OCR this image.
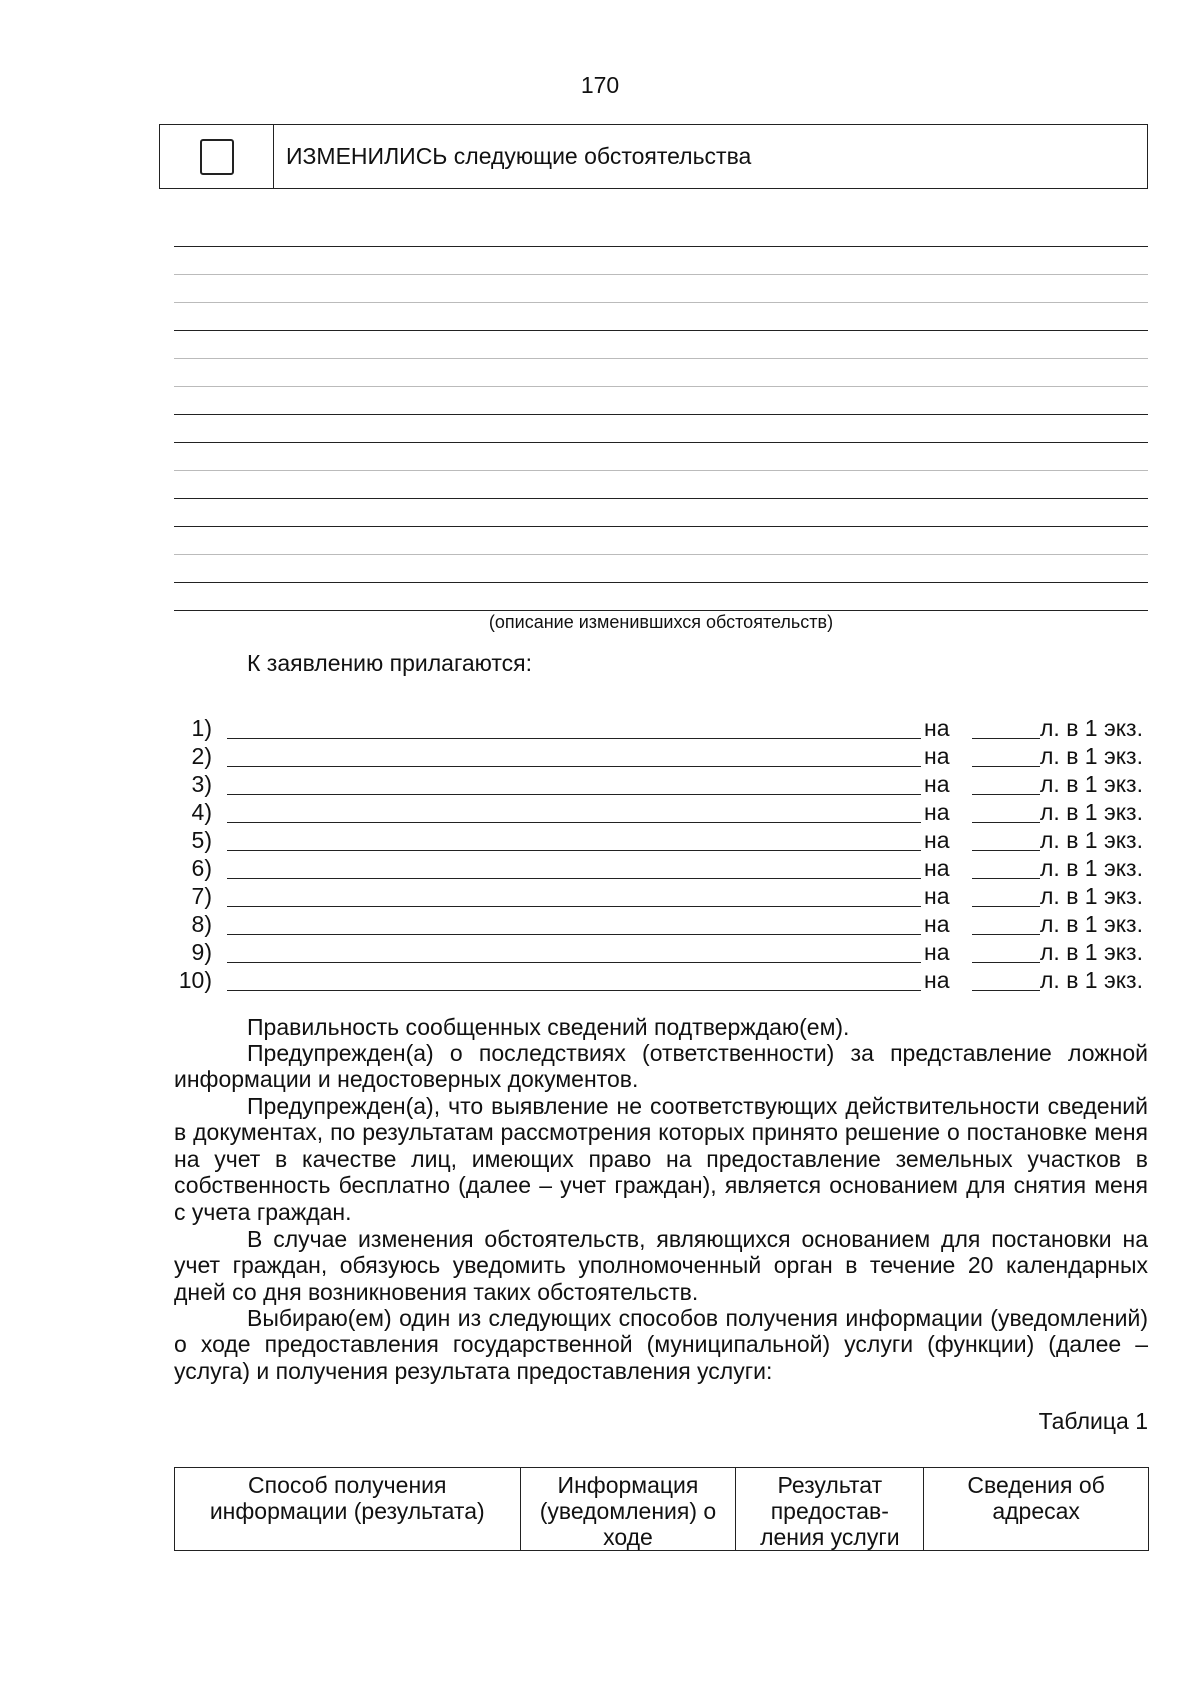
170
ИЗМЕНИЛИСЬ следующие обстоятельства
(описание изменившихся обстоятельств)
К заявлению прилагаются:
1)	на	л. в 1 экз.
2)	на	л. в 1 экз.
3)	на	л. в 1 экз.
4)	на	л. в 1 экз.
5)	на	л. в 1 экз.
6)	на	л. в 1 экз.
7)	на	л. в 1 экз.
8)	на	л. в 1 экз.
9)	на	л. в 1 экз.
10)	на	л. в 1 экз.

Правильность сообщенных сведений подтверждаю(ем).

Предупрежден(а) о последствиях (ответственности) за представление ложной информации и недостоверных документов.

Предупрежден(а), что выявление не соответствующих действительности сведений в документах, по результатам рассмотрения которых принято решение о постановке меня на учет в качестве лиц, имеющих право на предоставление земельных участков в собственность бесплатно (далее – учет граждан), является основанием для снятия меня с учета граждан.

В случае изменения обстоятельств, являющихся основанием для постановки на учет граждан, обязуюсь уведомить уполномоченный орган в течение 20 календарных дней со дня возникновения таких обстоятельств.

Выбираю(ем) один из следующих способов получения информации (уведомлений) о ходе предоставления государственной (муниципальной) услуги (функции) (далее – услуга) и получения результата предоставления услуги:

Таблица 1
Способ получения информации (результата)	Информация (уведомления) о ходе	Результат предостав-ления услуги	Сведения об адресах
